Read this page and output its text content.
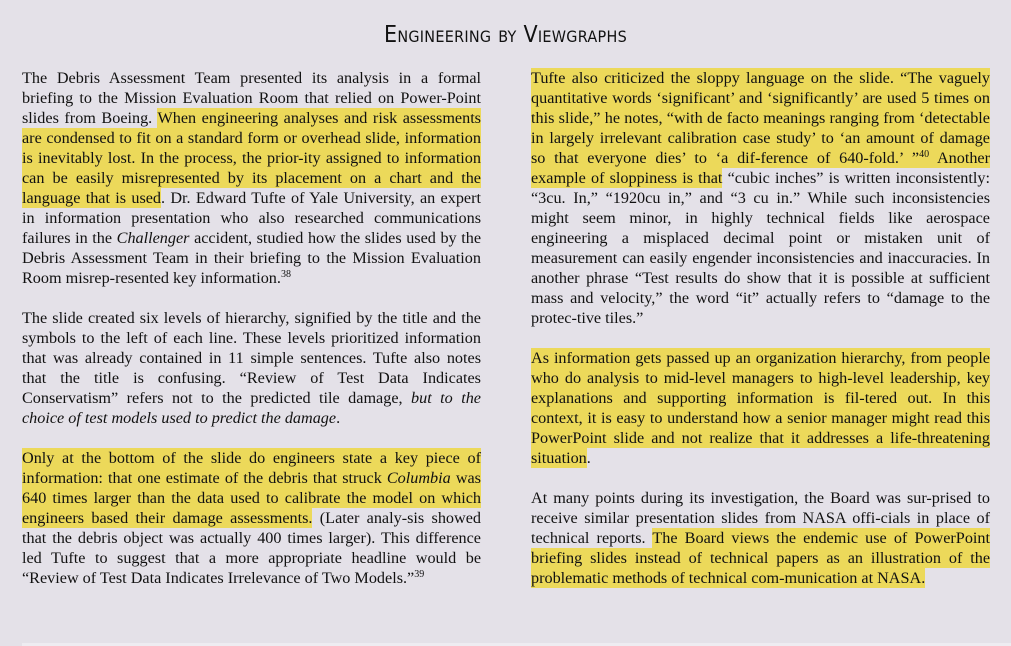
Engineering by Viewgraphs

The Debris Assessment Team presented its analysis in a formal briefing to the Mission Evaluation Room that relied on Power-Point slides from Boeing. When engineering analyses and risk assessments are condensed to fit on a standard form or overhead slide, information is inevitably lost. In the process, the prior-ity assigned to information can be easily misrepresented by its placement on a chart and the language that is used. Dr. Edward Tufte of Yale University, an expert in information presentation who also researched communications failures in the Challenger accident, studied how the slides used by the Debris Assessment Team in their briefing to the Mission Evaluation Room misrep-resented key information.$^{38}$

The slide created six levels of hierarchy, signified by the title and the symbols to the left of each line. These levels prioritized information that was already contained in 11 simple sentences. Tufte also notes that the title is confusing. “Review of Test Data Indicates Conservatism” refers not to the predicted tile damage, but to the choice of test models used to predict the damage.

Only at the bottom of the slide do engineers state a key piece of information: that one estimate of the debris that struck Columbia was 640 times larger than the data used to calibrate the model on which engineers based their damage assessments. (Later analy-sis showed that the debris object was actually 400 times larger). This difference led Tufte to suggest that a more appropriate headline would be “Review of Test Data Indicates Irrelevance of Two Models.”$^{39}$

Tufte also criticized the sloppy language on the slide. “The vaguely quantitative words ‘significant’ and ‘significantly’ are used 5 times on this slide,” he notes, “with de facto meanings ranging from ‘detectable in largely irrelevant calibration case study’ to ‘an amount of damage so that everyone dies’ to ‘a dif-ference of 640-fold.’ ”$^{40}$ Another example of sloppiness is that “cubic inches” is written inconsistently: “3cu. In,” “1920cu in,” and “3 cu in.” While such inconsistencies might seem minor, in highly technical fields like aerospace engineering a misplaced decimal point or mistaken unit of measurement can easily engender inconsistencies and inaccuracies. In another phrase “Test results do show that it is possible at sufficient mass and velocity,” the word “it” actually refers to “damage to the protec-tive tiles.”

As information gets passed up an organization hierarchy, from people who do analysis to mid-level managers to high-level leadership, key explanations and supporting information is fil-tered out. In this context, it is easy to understand how a senior manager might read this PowerPoint slide and not realize that it addresses a life-threatening situation.

At many points during its investigation, the Board was sur-prised to receive similar presentation slides from NASA offi-cials in place of technical reports. The Board views the endemic use of PowerPoint briefing slides instead of technical papers as an illustration of the problematic methods of technical com-munication at NASA.
